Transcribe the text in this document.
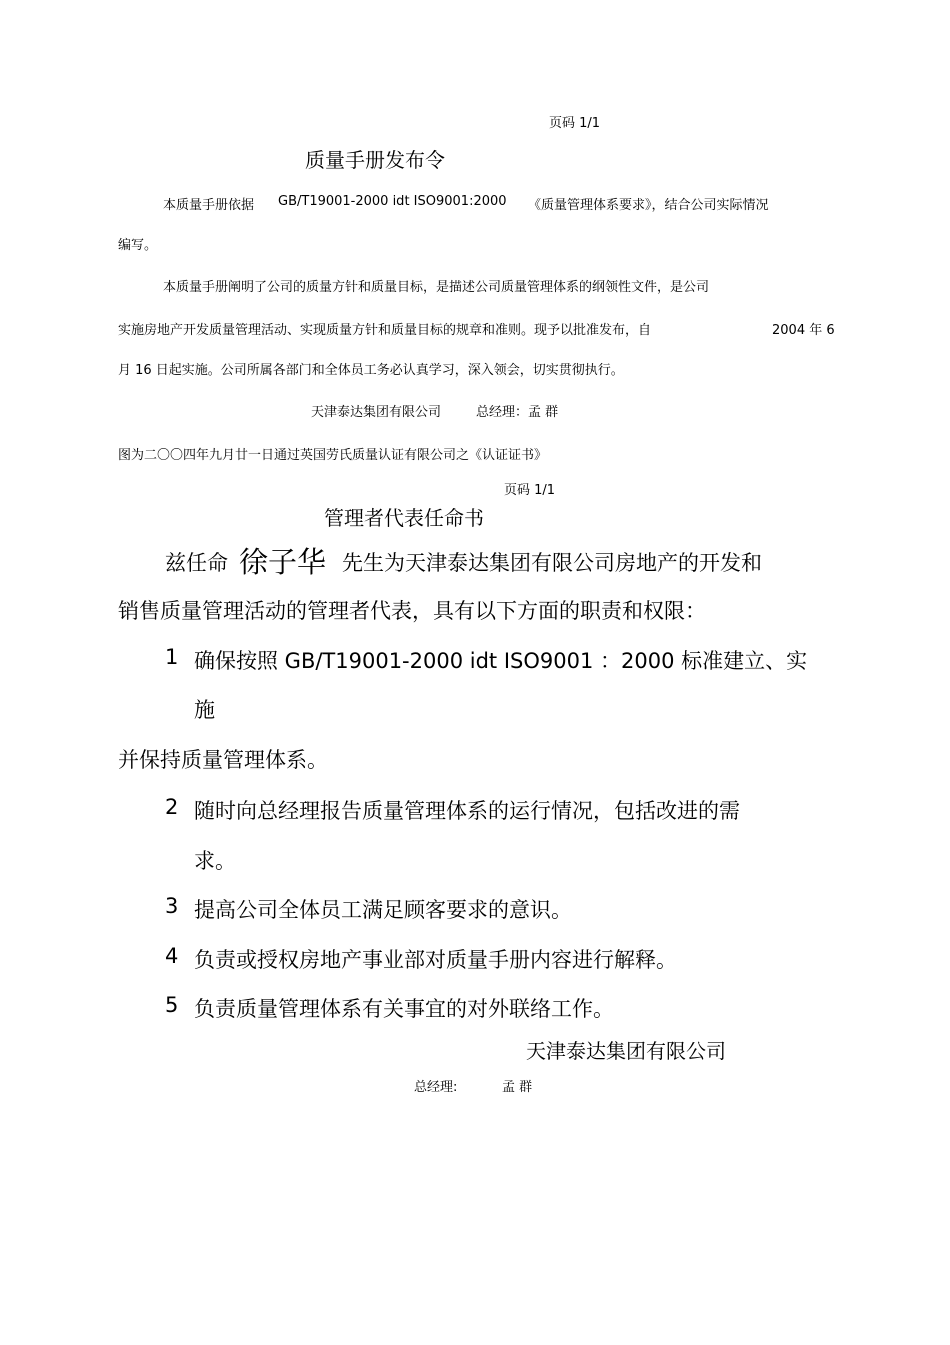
页码 1/1
质量手册发布令
本质量手册依据 GB/T19001-2000 idt ISO9001:2000 《质量管理体系要求》，结合公司实际情况
编写。
本质量手册阐明了公司的质量方针和质量目标，是描述公司质量管理体系的纲领性文件，是公司
实施房地产开发质量管理活动、实现质量方针和质量目标的规章和准则。现予以批准发布，自	2004 年 6
月 16 日起实施。公司所属各部门和全体员工务必认真学习，深入领会，切实贯彻执行。
天津泰达集团有限公司	总经理：孟 群
图为二〇〇四年九月廿一日通过英国劳氏质量认证有限公司之《认证证书》
页码 1/1
管理者代表任命书
兹任命 徐子华 先生为天津泰达集团有限公司房地产的开发和
销售质量管理活动的管理者代表，具有以下方面的职责和权限：
1 确保按照 GB/T19001-2000 idt ISO9001 ：2000 标准建立、实
施
并保持质量管理体系。
2 随时向总经理报告质量管理体系的运行情况，包括改进的需
求。
3 提高公司全体员工满足顾客要求的意识。
4 负责或授权房地产事业部对质量手册内容进行解释。
5 负责质量管理体系有关事宜的对外联络工作。
天津泰达集团有限公司
总经理:	孟 群
